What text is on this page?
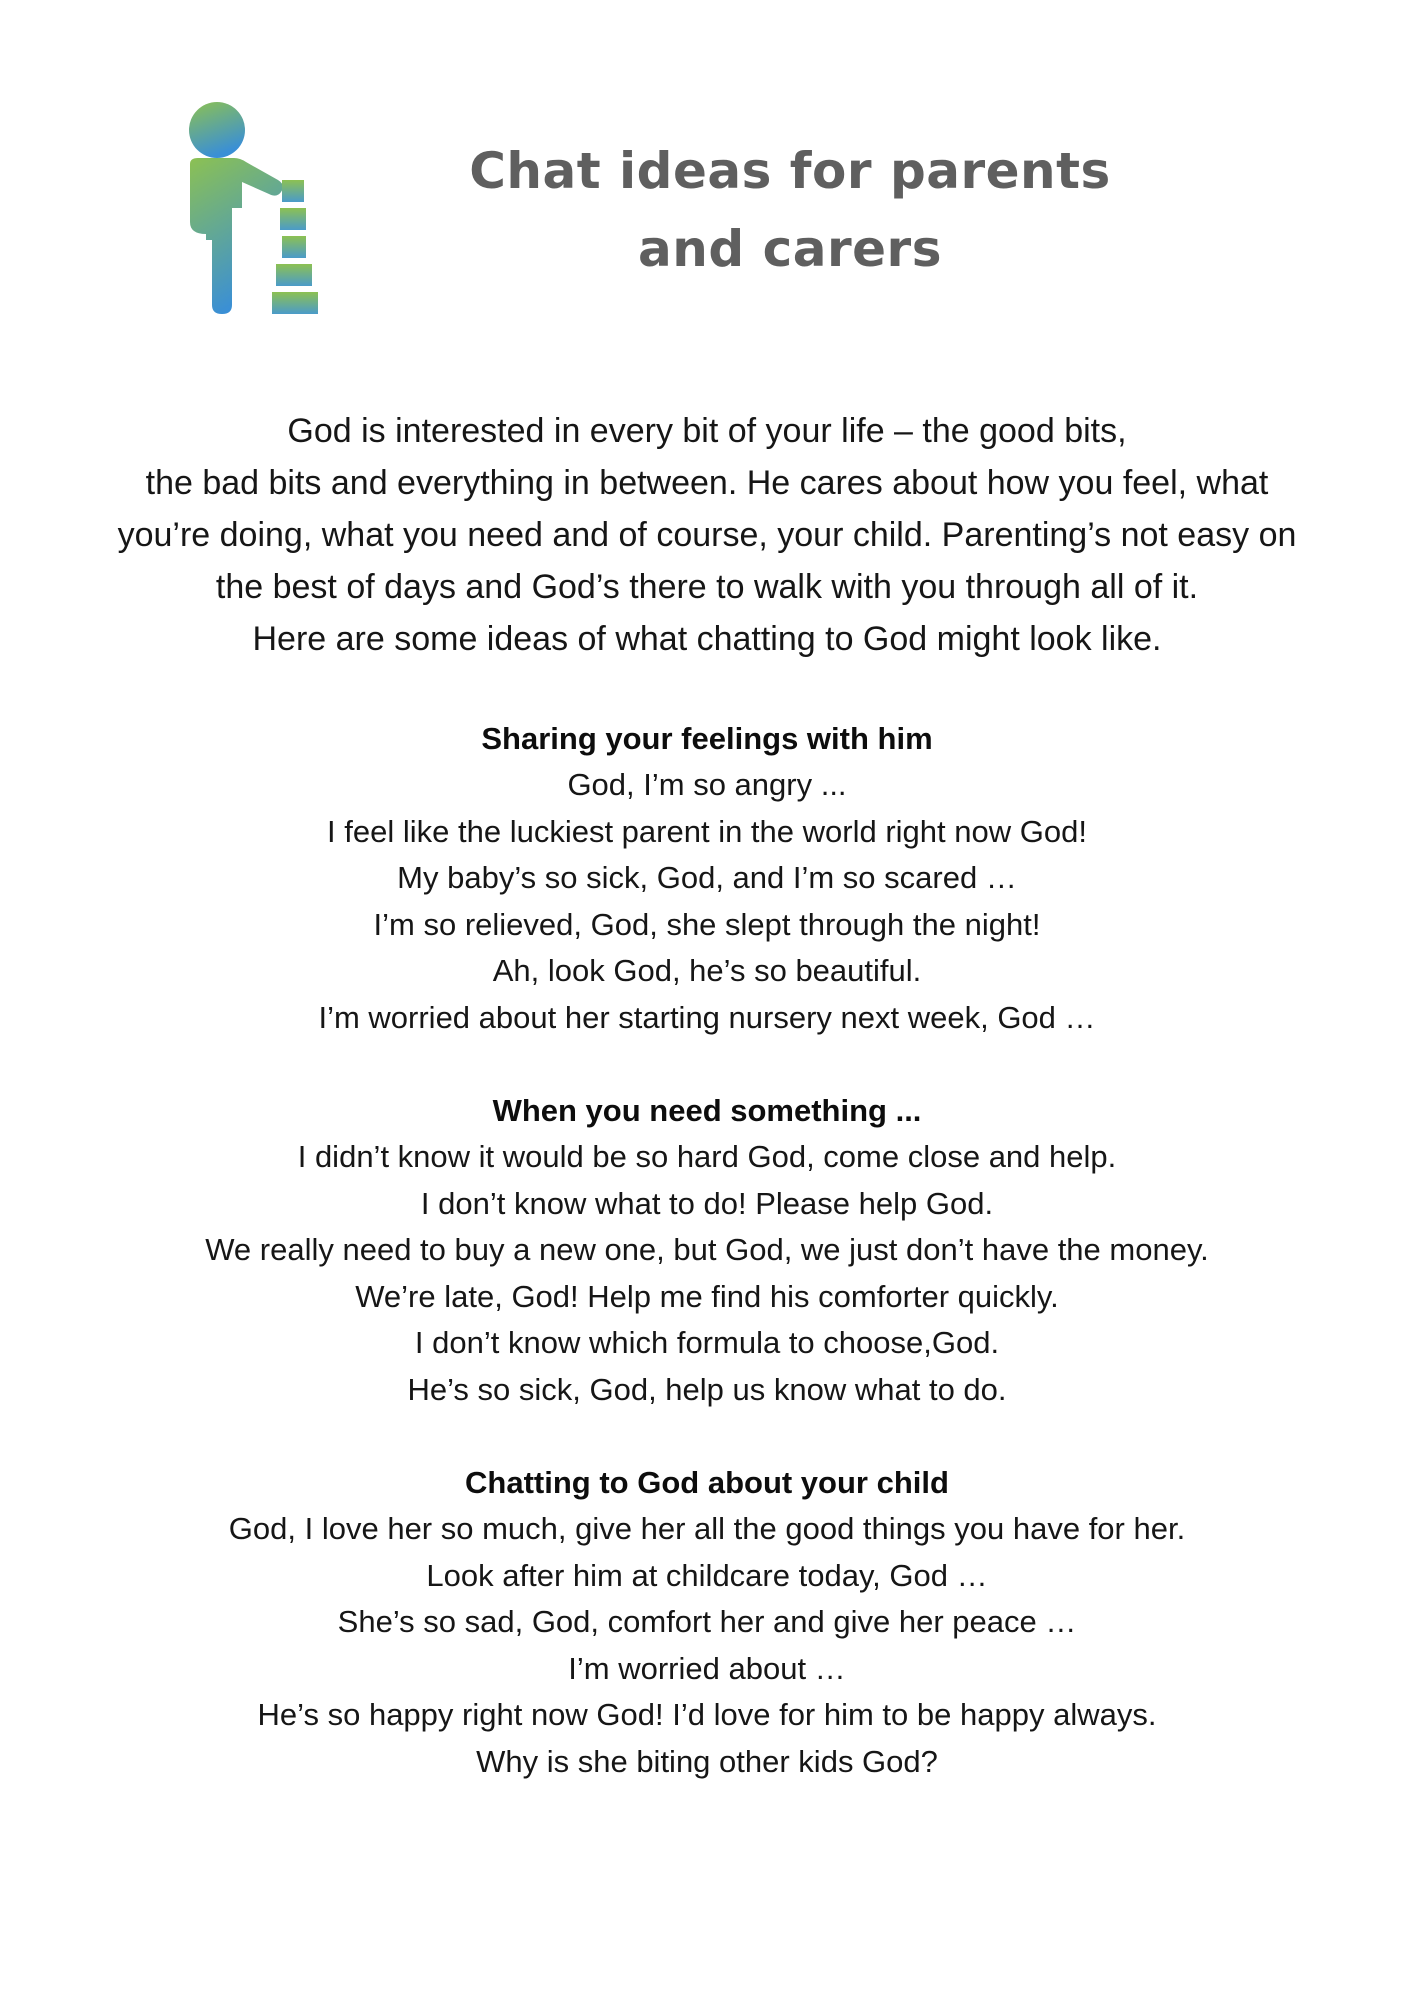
Chat ideas for parents
and carers

God is interested in every bit of your life – the good bits,
the bad bits and everything in between. He cares about how you feel, what
you’re doing, what you need and of course, your child. Parenting’s not easy on
the best of days and God’s there to walk with you through all of it.
Here are some ideas of what chatting to God might look like.

Sharing your feelings with him
God, I’m so angry ...
I feel like the luckiest parent in the world right now God!
My baby’s so sick, God, and I’m so scared …
I’m so relieved, God, she slept through the night!
Ah, look God, he’s so beautiful.
I’m worried about her starting nursery next week, God …
When you need something ...
I didn’t know it would be so hard God, come close and help.
I don’t know what to do! Please help God.
We really need to buy a new one, but God, we just don’t have the money.
We’re late, God! Help me find his comforter quickly.
I don’t know which formula to choose,God.
He’s so sick, God, help us know what to do.
Chatting to God about your child
God, I love her so much, give her all the good things you have for her.
Look after him at childcare today, God …
She’s so sad, God, comfort her and give her peace …
I’m worried about …
He’s so happy right now God! I’d love for him to be happy always.
Why is she biting other kids God?
